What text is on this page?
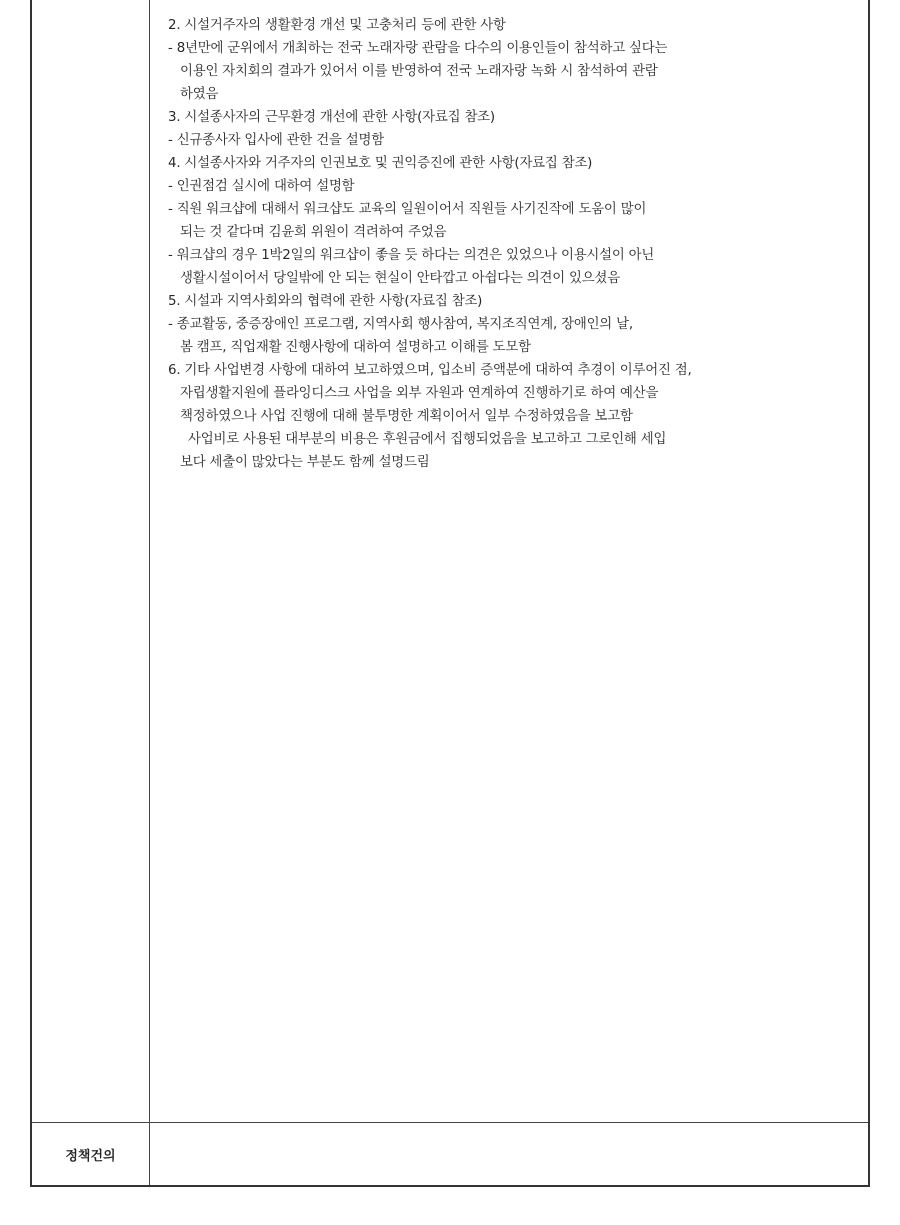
2. 시설거주자의 생활환경 개선 및 고충처리 등에 관한 사항
- 8년만에 군위에서 개최하는 전국 노래자랑 관람을 다수의 이용인들이 참석하고 싶다는
이용인 자치회의 결과가 있어서 이를 반영하여 전국 노래자랑 녹화 시 참석하여 관람
하였음
3. 시설종사자의 근무환경 개선에 관한 사항(자료집 참조)
- 신규종사자 입사에 관한 건을 설명함
4. 시설종사자와 거주자의 인권보호 및 권익증진에 관한 사항(자료집 참조)
- 인권점검 실시에 대하여 설명함
- 직원 워크샵에 대해서 워크샵도 교육의 일원이어서 직원들 사기진작에 도움이 많이
되는 것 같다며 김윤희 위원이 격려하여 주었음
- 워크샵의 경우 1박2일의 워크샵이 좋을 듯 하다는 의견은 있었으나 이용시설이 아닌
생활시설이어서 당일밖에 안 되는 현실이 안타깝고 아쉽다는 의견이 있으셨음
5. 시설과 지역사회와의 협력에 관한 사항(자료집 참조)
- 종교활동, 중증장애인 프로그램, 지역사회 행사참여, 복지조직연계, 장애인의 날,
봄 캠프, 직업재활 진행사항에 대하여 설명하고 이해를 도모함
6. 기타 사업변경 사항에 대하여 보고하였으며, 입소비 증액분에 대하여 추경이 이루어진 점,
자립생활지원에 플라잉디스크 사업을 외부 자원과 연계하여 진행하기로 하여 예산을
책정하였으나 사업 진행에 대해 불투명한 계획이어서 일부 수정하였음을 보고함
사업비로 사용된 대부분의 비용은 후원금에서 집행되었음을 보고하고 그로인해 세입
보다 세출이 많았다는 부분도 함께 설명드림
정책건의
